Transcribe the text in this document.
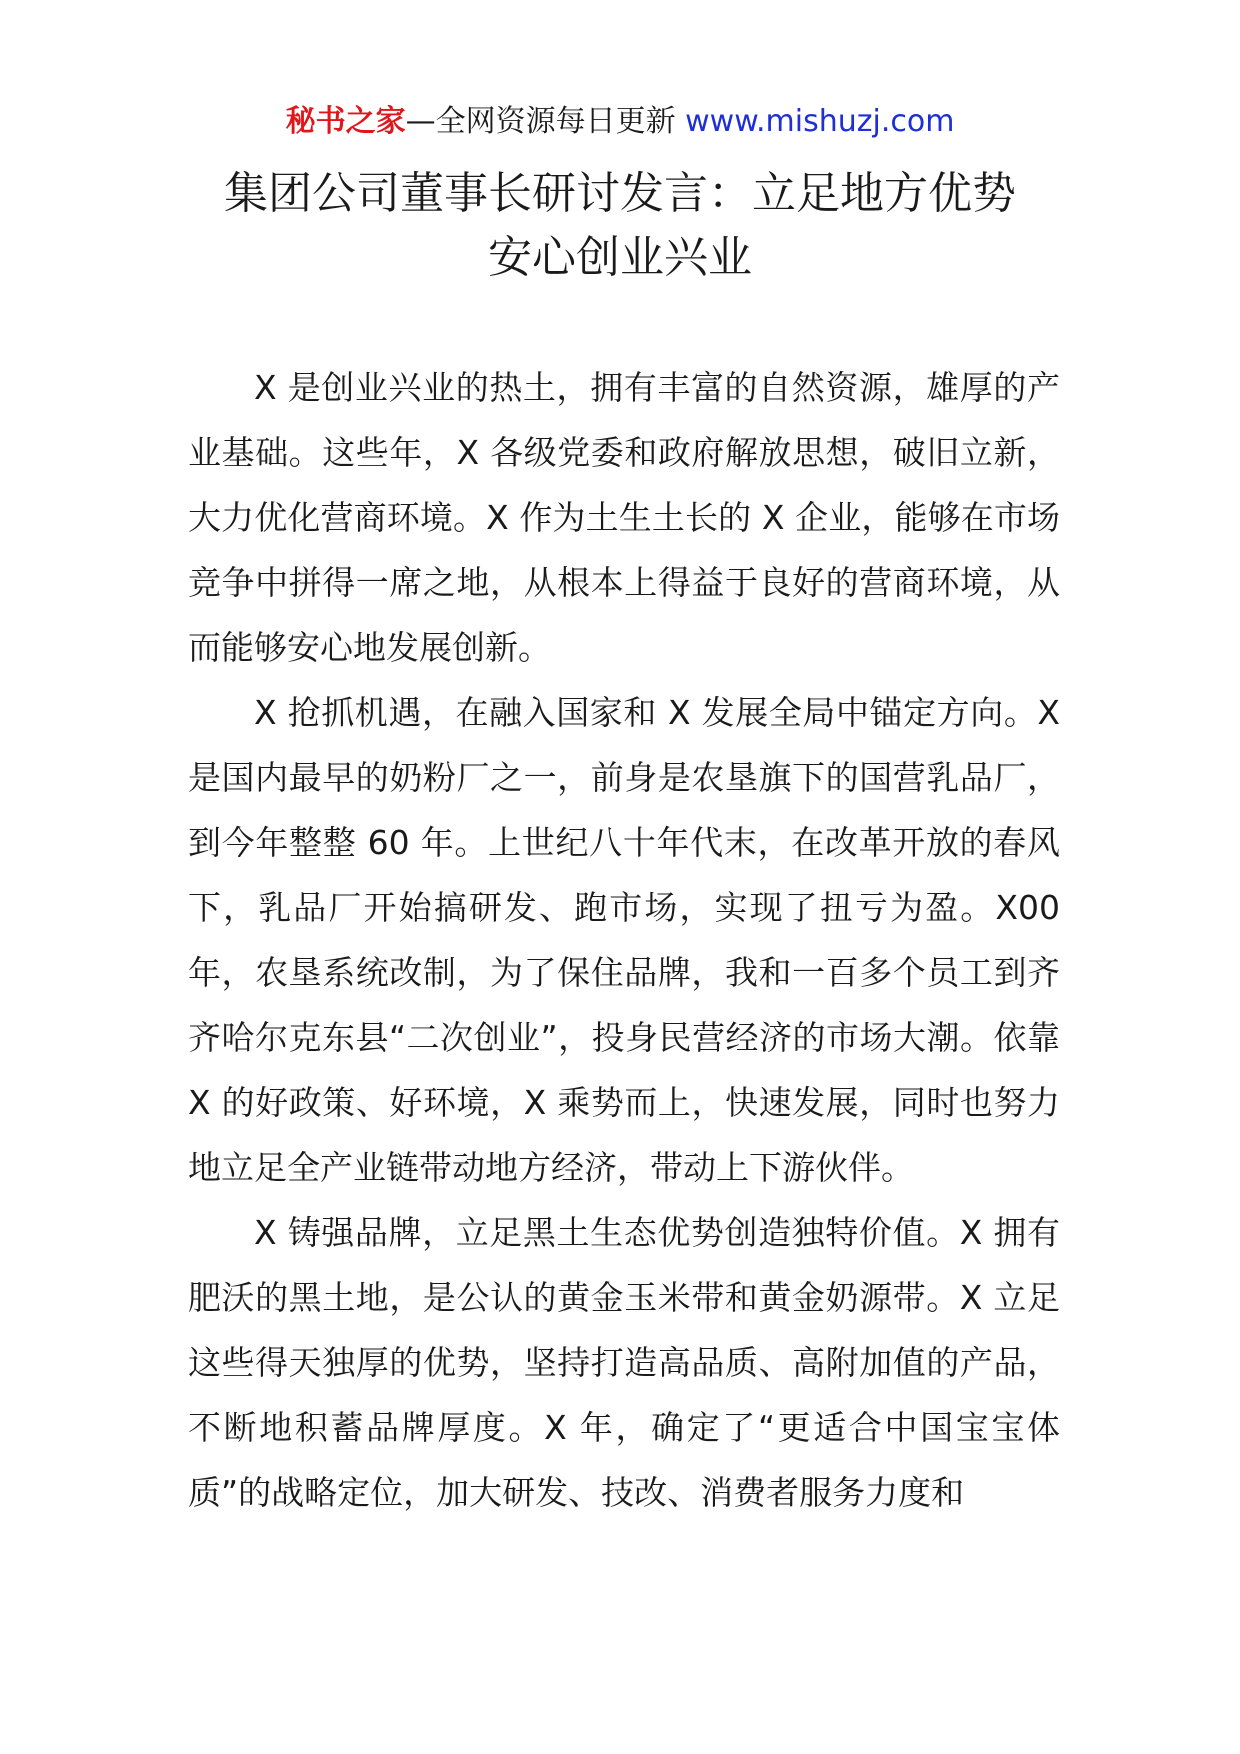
秘书之家—全网资源每日更新 www.mishuzj.com
集团公司董事长研讨发言：立足地方优势
安心创业兴业

X 是创业兴业的热土，拥有丰富的自然资源，雄厚的产业基础。这些年，X 各级党委和政府解放思想，破旧立新，大力优化营商环境。X 作为土生土长的 X 企业，能够在市场竞争中拼得一席之地，从根本上得益于良好的营商环境，从而能够安心地发展创新。

X 抢抓机遇，在融入国家和 X 发展全局中锚定方向。X 是国内最早的奶粉厂之一，前身是农垦旗下的国营乳品厂，到今年整整 60 年。上世纪八十年代末，在改革开放的春风下，乳品厂开始搞研发、跑市场，实现了扭亏为盈。X00 年，农垦系统改制，为了保住品牌，我和一百多个员工到齐齐哈尔克东县“二次创业”，投身民营经济的市场大潮。依靠 X 的好政策、好环境，X 乘势而上，快速发展，同时也努力地立足全产业链带动地方经济，带动上下游伙伴。

X 铸强品牌，立足黑土生态优势创造独特价值。X 拥有肥沃的黑土地，是公认的黄金玉米带和黄金奶源带。X 立足这些得天独厚的优势，坚持打造高品质、高附加值的产品，不断地积蓄品牌厚度。X 年，确定了“更适合中国宝宝体质”的战略定位，加大研发、技改、消费者服务力度和
